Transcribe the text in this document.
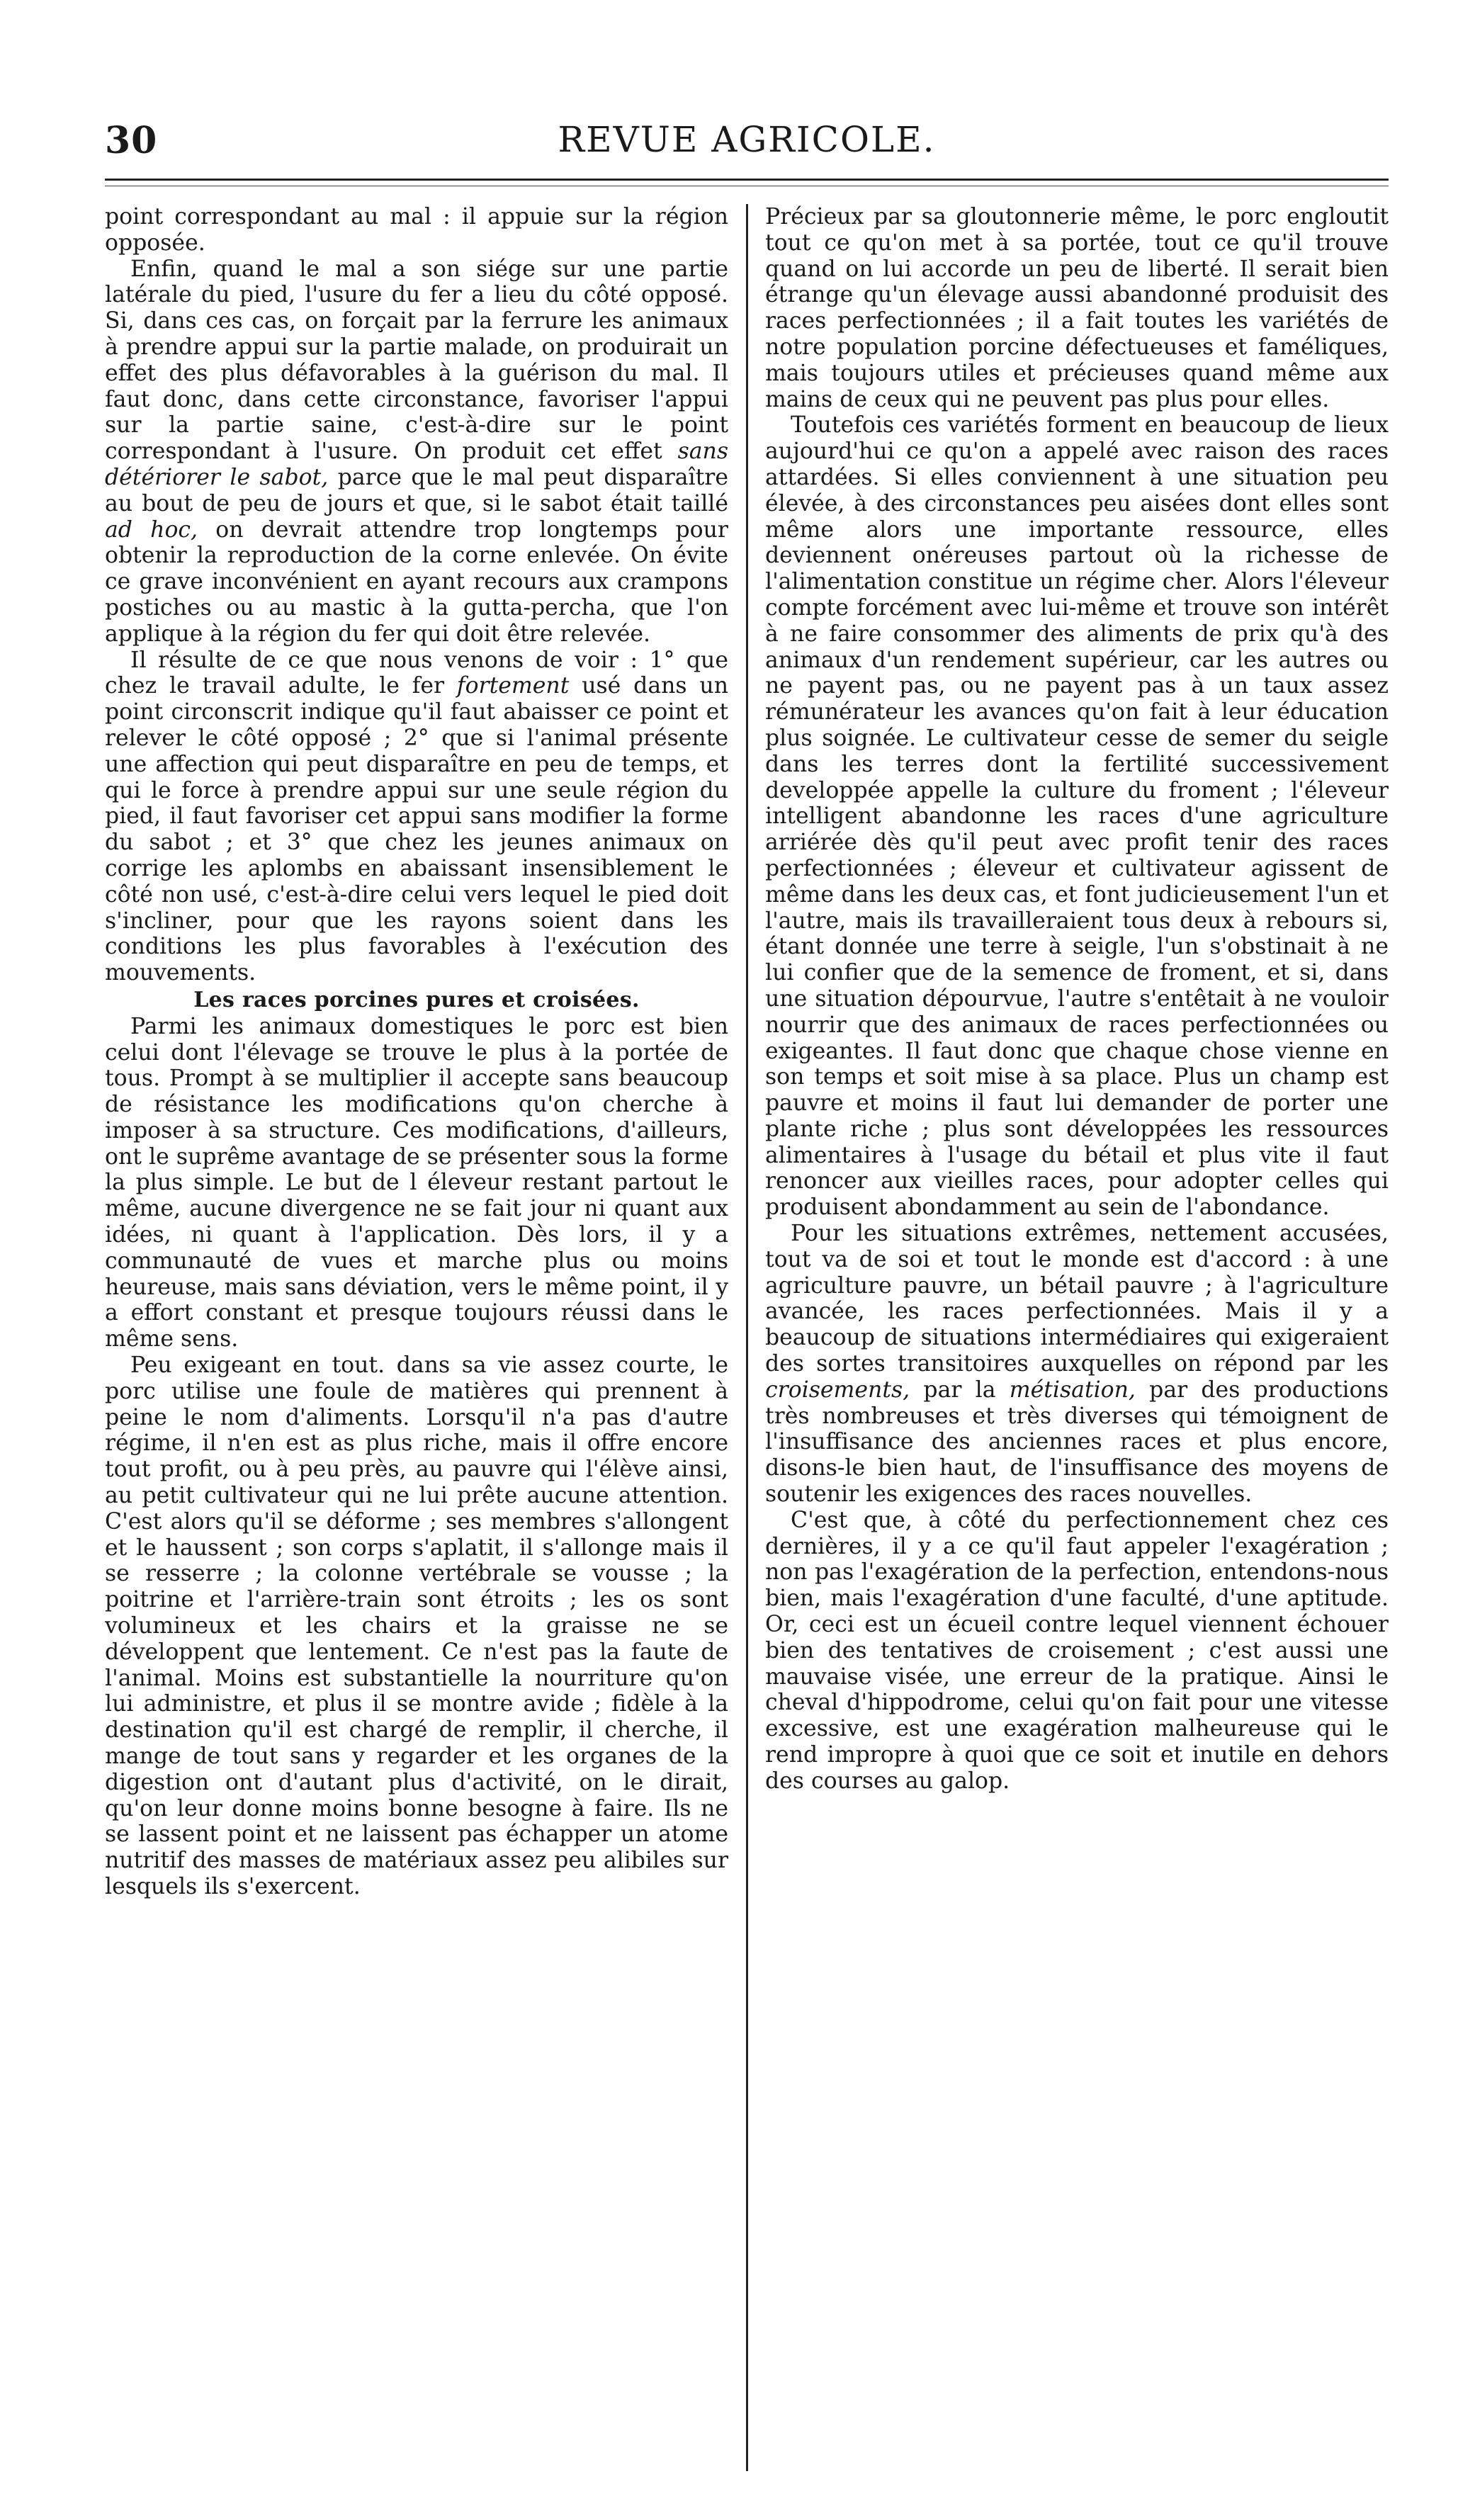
30	REVUE AGRICOLE.

point correspondant au mal : il appuie sur la région opposée.

Enfin, quand le mal a son siége sur une partie latérale du pied, l'usure du fer a lieu du côté opposé. Si, dans ces cas, on forçait par la ferrure les animaux à prendre appui sur la partie malade, on produirait un effet des plus défavorables à la guérison du mal. Il faut donc, dans cette circonstance, favoriser l'appui sur la partie saine, c'est-à-dire sur le point correspondant à l'usure. On produit cet effet sans détériorer le sabot, parce que le mal peut disparaître au bout de peu de jours et que, si le sabot était taillé ad hoc, on devrait attendre trop longtemps pour obtenir la reproduction de la corne enlevée. On évite ce grave inconvénient en ayant recours aux crampons postiches ou au mastic à la gutta-percha, que l'on applique à la région du fer qui doit être relevée.

Il résulte de ce que nous venons de voir : 1° que chez le travail adulte, le fer fortement usé dans un point circonscrit indique qu'il faut abaisser ce point et relever le côté opposé ; 2° que si l'animal présente une affection qui peut disparaître en peu de temps, et qui le force à prendre appui sur une seule région du pied, il faut favoriser cet appui sans modifier la forme du sabot ; et 3° que chez les jeunes animaux on corrige les aplombs en abaissant insensiblement le côté non usé, c'est-à-dire celui vers lequel le pied doit s'incliner, pour que les rayons soient dans les conditions les plus favorables à l'exécution des mouvements.

Les races porcines pures et croisées.

Parmi les animaux domestiques le porc est bien celui dont l'élevage se trouve le plus à la portée de tous. Prompt à se multiplier il accepte sans beaucoup de résistance les modifications qu'on cherche à imposer à sa structure. Ces modifications, d'ailleurs, ont le suprême avantage de se présenter sous la forme la plus simple. Le but de l éleveur restant partout le même, aucune divergence ne se fait jour ni quant aux idées, ni quant à l'application. Dès lors, il y a communauté de vues et marche plus ou moins heureuse, mais sans déviation, vers le même point, il y a effort constant et presque toujours réussi dans le même sens.

Peu exigeant en tout. dans sa vie assez courte, le porc utilise une foule de matières qui prennent à peine le nom d'aliments. Lorsqu'il n'a pas d'autre régime, il n'en est as plus riche, mais il offre encore tout profit, ou à peu près, au pauvre qui l'élève ainsi, au petit cultivateur qui ne lui prête aucune attention. C'est alors qu'il se déforme ; ses membres s'allongent et le haussent ; son corps s'aplatit, il s'allonge mais il se resserre ; la colonne vertébrale se vousse ; la poitrine et l'arrière-train sont étroits ; les os sont volumineux et les chairs et la graisse ne se développent que lentement. Ce n'est pas la faute de l'animal. Moins est substantielle la nourriture qu'on lui administre, et plus il se montre avide ; fidèle à la destination qu'il est chargé de remplir, il cherche, il mange de tout sans y regarder et les organes de la digestion ont d'autant plus d'activité, on le dirait, qu'on leur donne moins bonne besogne à faire. Ils ne se lassent point et ne laissent pas échapper un atome nutritif des masses de matériaux assez peu alibiles sur lesquels ils s'exercent.

Précieux par sa gloutonnerie même, le porc engloutit tout ce qu'on met à sa portée, tout ce qu'il trouve quand on lui accorde un peu de liberté. Il serait bien étrange qu'un élevage aussi abandonné produisit des races perfectionnées ; il a fait toutes les variétés de notre population porcine défectueuses et faméliques, mais toujours utiles et précieuses quand même aux mains de ceux qui ne peuvent pas plus pour elles.

Toutefois ces variétés forment en beaucoup de lieux aujourd'hui ce qu'on a appelé avec raison des races attardées. Si elles conviennent à une situation peu élevée, à des circonstances peu aisées dont elles sont même alors une importante ressource, elles deviennent onéreuses partout où la richesse de l'alimentation constitue un régime cher. Alors l'éleveur compte forcément avec lui-même et trouve son intérêt à ne faire consommer des aliments de prix qu'à des animaux d'un rendement supérieur, car les autres ou ne payent pas, ou ne payent pas à un taux assez rémunérateur les avances qu'on fait à leur éducation plus soignée. Le cultivateur cesse de semer du seigle dans les terres dont la fertilité successivement developpée appelle la culture du froment ; l'éleveur intelligent abandonne les races d'une agriculture arriérée dès qu'il peut avec profit tenir des races perfectionnées ; éleveur et cultivateur agissent de même dans les deux cas, et font judicieusement l'un et l'autre, mais ils travailleraient tous deux à rebours si, étant donnée une terre à seigle, l'un s'obstinait à ne lui confier que de la semence de froment, et si, dans une situation dépourvue, l'autre s'entêtait à ne vouloir nourrir que des animaux de races perfectionnées ou exigeantes. Il faut donc que chaque chose vienne en son temps et soit mise à sa place. Plus un champ est pauvre et moins il faut lui demander de porter une plante riche ; plus sont développées les ressources alimentaires à l'usage du bétail et plus vite il faut renoncer aux vieilles races, pour adopter celles qui produisent abondamment au sein de l'abondance.

Pour les situations extrêmes, nettement accusées, tout va de soi et tout le monde est d'accord : à une agriculture pauvre, un bétail pauvre ; à l'agriculture avancée, les races perfectionnées. Mais il y a beaucoup de situations intermédiaires qui exigeraient des sortes transitoires auxquelles on répond par les croisements, par la métisation, par des productions très nombreuses et très diverses qui témoignent de l'insuffisance des anciennes races et plus encore, disons-le bien haut, de l'insuffisance des moyens de soutenir les exigences des races nouvelles.

C'est que, à côté du perfectionnement chez ces dernières, il y a ce qu'il faut appeler l'exagération ; non pas l'exagération de la perfection, entendons-nous bien, mais l'exagération d'une faculté, d'une aptitude. Or, ceci est un écueil contre lequel viennent échouer bien des tentatives de croisement ; c'est aussi une mauvaise visée, une erreur de la pratique. Ainsi le cheval d'hippodrome, celui qu'on fait pour une vitesse excessive, est une exagération malheureuse qui le rend impropre à quoi que ce soit et inutile en dehors des courses au galop.
